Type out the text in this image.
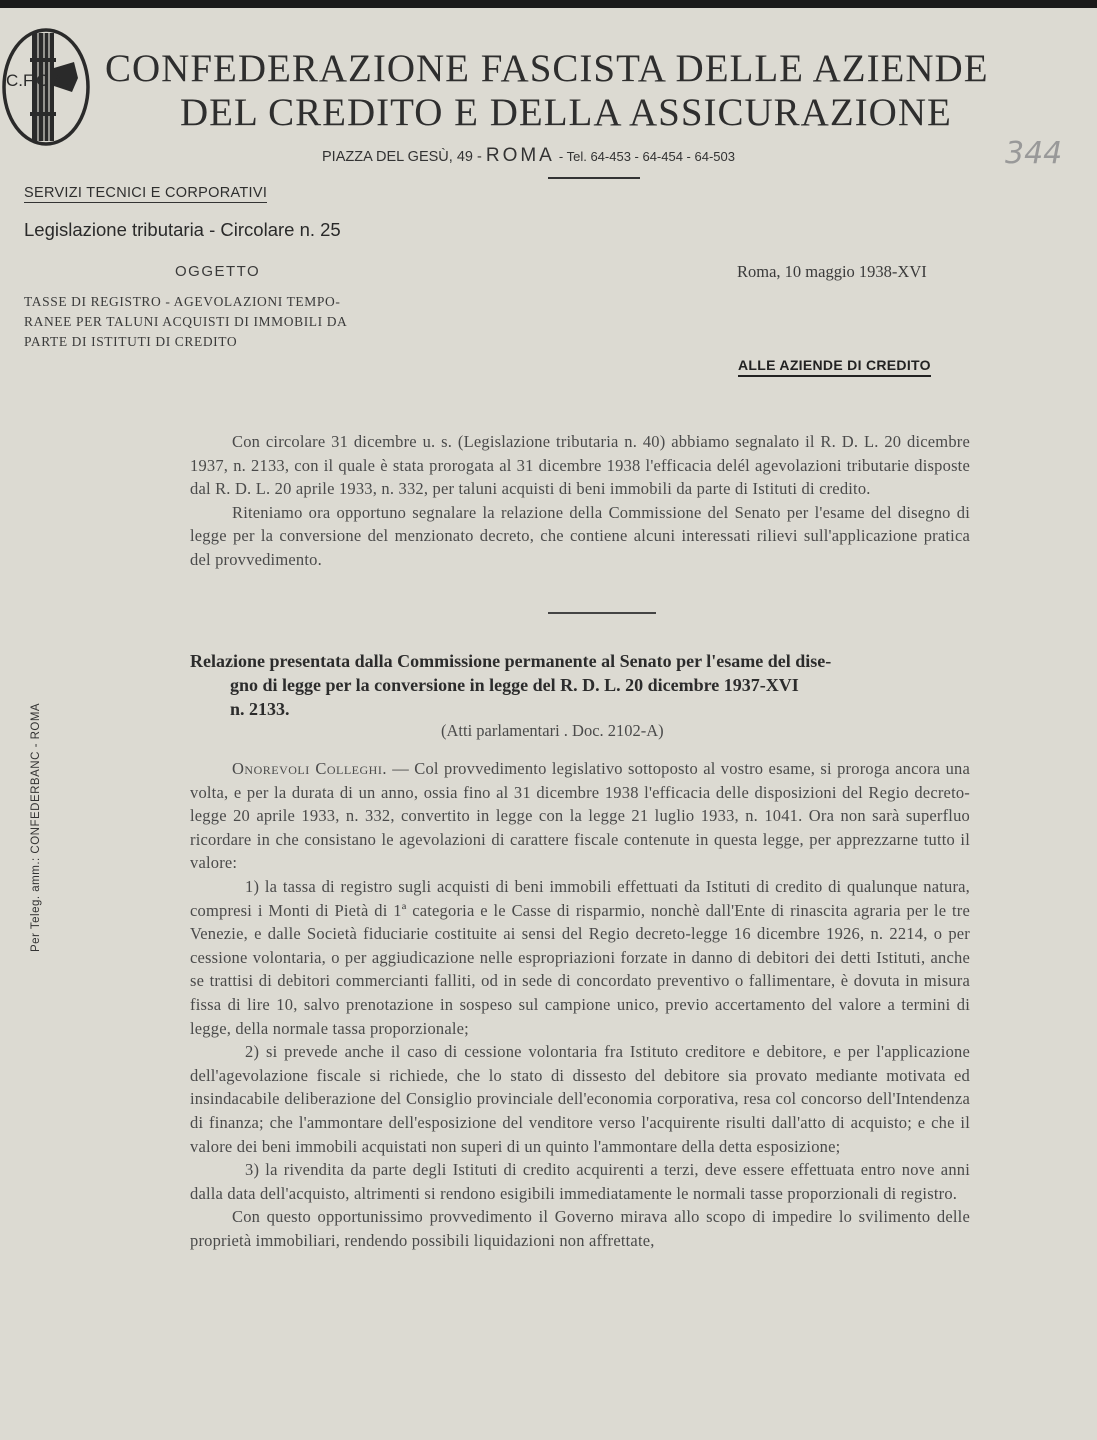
C.F.C.A. CONFEDERAZIONE FASCISTA DELLE AZIENDE
DEL CREDITO E DELLA ASSICURAZIONE
PIAZZA DEL GESÙ, 49 - ROMA - Tel. 64-453 - 64-454 - 64-503	344
SERVIZI TECNICI E CORPORATIVI
Legislazione tributaria - Circolare n. 25
OGGETTO
TASSE DI REGISTRO - AGEVOLAZIONI TEMPO-
RANEE PER TALUNI ACQUISTI DI IMMOBILI DA
PARTE DI ISTITUTI DI CREDITO
Roma, 10 maggio 1938-XVI
ALLE AZIENDE DI CREDITO
Per Teleg. amm.: CONFEDERBANC - ROMA

Con circolare 31 dicembre u. s. (Legislazione tributaria n. 40) abbiamo segnalato il R. D. L. 20 dicembre 1937, n. 2133, con il quale è stata prorogata al 31 dicembre 1938 l'efficacia delél agevolazioni tributarie disposte dal R. D. L. 20 aprile 1933, n. 332, per taluni acquisti di beni immobili da parte di Istituti di credito.

Riteniamo ora opportuno segnalare la relazione della Commissione del Senato per l'esame del disegno di legge per la conversione del menzionato decreto, che contiene alcuni interessati rilievi sull'applicazione pratica del provvedimento.

Relazione presentata dalla Commissione permanente al Senato per l'esame del dise-
gno di legge per la conversione in legge del R. D. L. 20 dicembre 1937-XVI
n. 2133.
(Atti parlamentari . Doc. 2102-A)

Onorevoli Colleghi. — Col provvedimento legislativo sottoposto al vostro esame, si proroga ancora una volta, e per la durata di un anno, ossia fino al 31 dicembre 1938 l'efficacia delle disposizioni del Regio decreto-legge 20 aprile 1933, n. 332, convertito in legge con la legge 21 luglio 1933, n. 1041. Ora non sarà superfluo ricordare in che consistano le agevolazioni di carattere fiscale contenute in questa legge, per apprezzarne tutto il valore:

1) la tassa di registro sugli acquisti di beni immobili effettuati da Istituti di credito di qualunque natura, compresi i Monti di Pietà di 1ª categoria e le Casse di risparmio, nonchè dall'Ente di rinascita agraria per le tre Venezie, e dalle Società fiduciarie costituite ai sensi del Regio decreto-legge 16 dicembre 1926, n. 2214, o per cessione volontaria, o per aggiudicazione nelle espropriazioni forzate in danno di debitori dei detti Istituti, anche se trattisi di debitori commercianti falliti, od in sede di concordato preventivo o fallimentare, è dovuta in misura fissa di lire 10, salvo prenotazione in sospeso sul campione unico, previo accertamento del valore a termini di legge, della normale tassa proporzionale;

2) si prevede anche il caso di cessione volontaria fra Istituto creditore e debitore, e per l'applicazione dell'agevolazione fiscale si richiede, che lo stato di dissesto del debitore sia provato mediante motivata ed insindacabile deliberazione del Consiglio provinciale dell'economia corporativa, resa col concorso dell'Intendenza di finanza; che l'ammontare dell'esposizione del venditore verso l'acquirente risulti dall'atto di acquisto; e che il valore dei beni immobili acquistati non superi di un quinto l'ammontare della detta esposizione;

3) la rivendita da parte degli Istituti di credito acquirenti a terzi, deve essere effettuata entro nove anni dalla data dell'acquisto, altrimenti si rendono esigibili immediatamente le normali tasse proporzionali di registro.

Con questo opportunissimo provvedimento il Governo mirava allo scopo di impedire lo svilimento delle proprietà immobiliari, rendendo possibili liquidazioni non affrettate,
